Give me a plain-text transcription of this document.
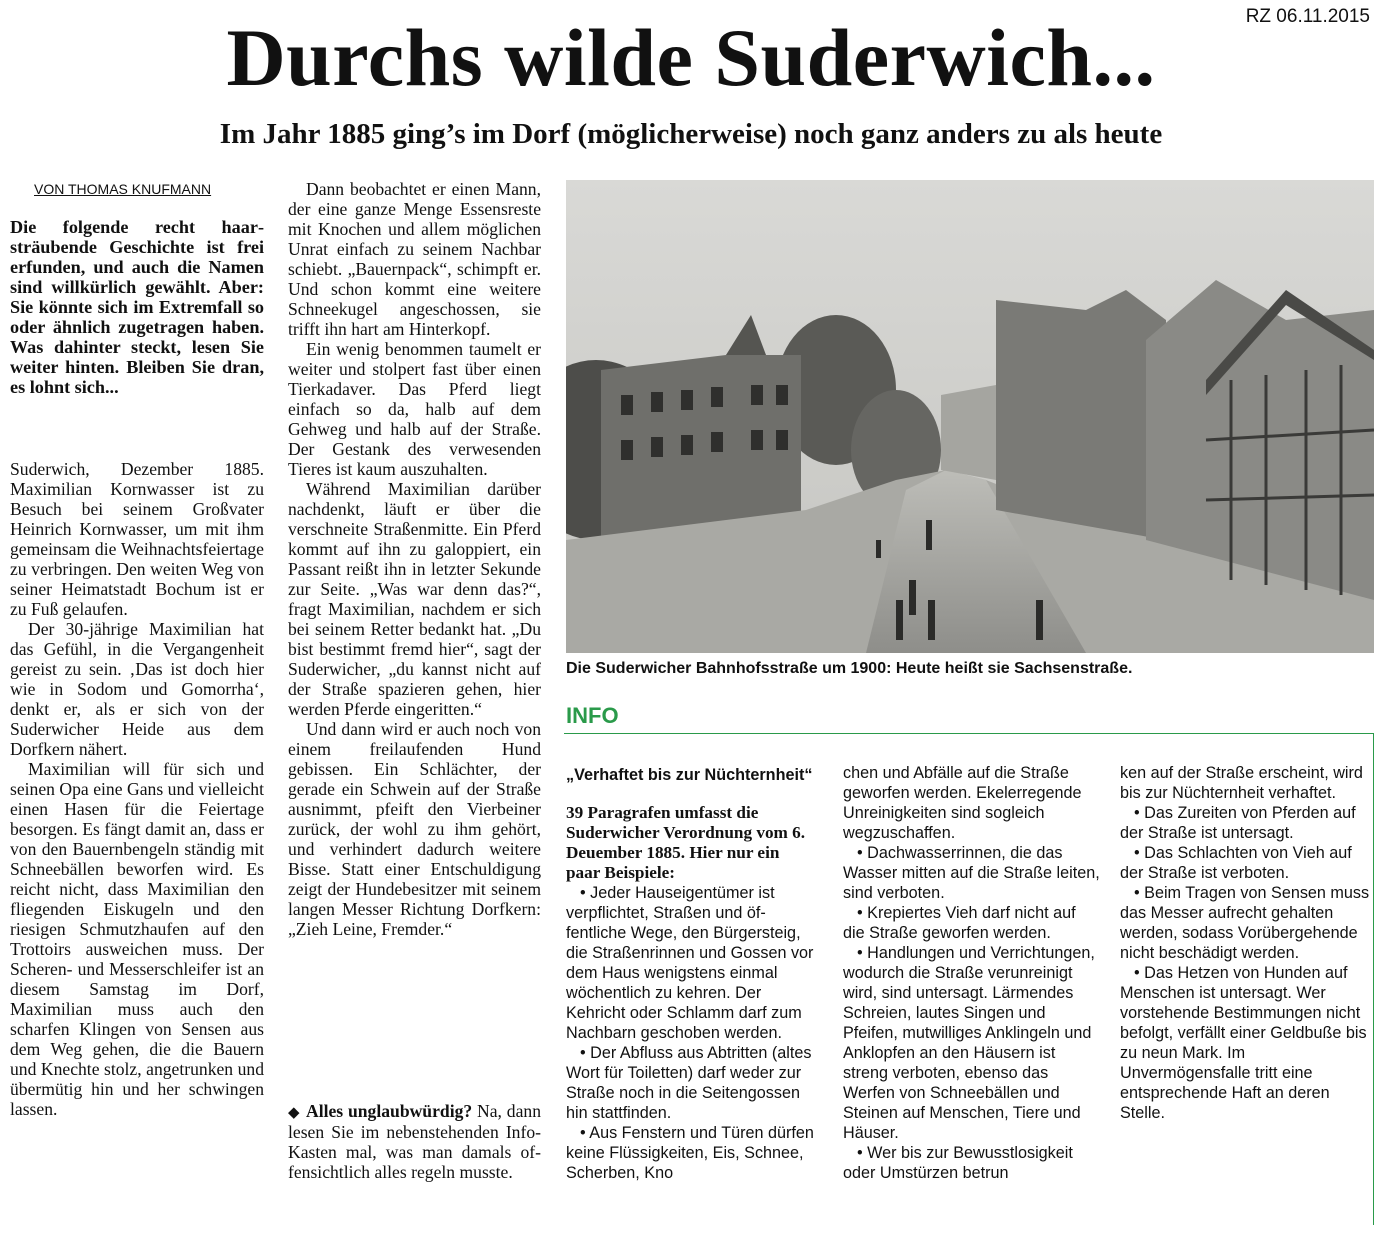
RZ 06.11.2015
Durchs wilde Suderwich...
Im Jahr 1885 ging’s im Dorf (möglicherweise) noch ganz anders zu als heute
VON THOMAS KNUFMANN
Die folgende recht haarsträubende Geschichte ist frei erfunden, und auch die Namen sind willkürlich gewählt. Aber: Sie könnte sich im Extremfall so oder ähnlich zugetragen haben. Was dahinter steckt, lesen Sie weiter hinten. Bleiben Sie dran, es lohnt sich...

Suderwich, Dezember 1885. Maximilian Kornwasser ist zu Besuch bei seinem Großvater Heinrich Kornwasser, um mit ihm gemeinsam die Weihnachtsfeiertage zu verbringen. Den weiten Weg von seiner Heimatstadt Bochum ist er zu Fuß gelaufen.

Der 30-jährige Maximilian hat das Gefühl, in die Vergangenheit gereist zu sein. ‚Das ist doch hier wie in Sodom und Gomorrha‘, denkt er, als er sich von der Suderwicher Heide aus dem Dorfkern nähert.

Maximilian will für sich und seinen Opa eine Gans und vielleicht einen Hasen für die Feiertage besorgen. Es fängt damit an, dass er von den Bauernbengeln ständig mit Schneebällen beworfen wird. Es reicht nicht, dass Maximilian den fliegenden Eiskugeln und den riesigen Schmutzhaufen auf den Trottoirs ausweichen muss. Der Scheren- und Messerschleifer ist an diesem Samstag im Dorf, Maximilian muss auch den scharfen Klingen von Sensen aus dem Weg gehen, die die Bauern und Knechte stolz, angetrunken und übermütig hin und her schwingen lassen.

Dann beobachtet er einen Mann, der eine ganze Menge Essensreste mit Knochen und allem möglichen Unrat einfach zu seinem Nachbar schiebt. „Bauernpack“, schimpft er. Und schon kommt eine weitere Schneekugel angeschossen, sie trifft ihn hart am Hinterkopf.

Ein wenig benommen taumelt er weiter und stolpert fast über einen Tierkadaver. Das Pferd liegt einfach so da, halb auf dem Gehweg und halb auf der Straße. Der Gestank des verwesenden Tieres ist kaum auszuhalten.

Während Maximilian darüber nachdenkt, läuft er über die verschneite Straßenmitte. Ein Pferd kommt auf ihn zu galoppiert, ein Passant reißt ihn in letzter Sekunde zur Seite. „Was war denn das?“, fragt Maximilian, nachdem er sich bei seinem Retter bedankt hat. „Du bist bestimmt fremd hier“, sagt der Suderwicher, „du kannst nicht auf der Straße spazieren gehen, hier werden Pferde eingeritten.“

Und dann wird er auch noch von einem freilaufenden Hund gebissen. Ein Schlächter, der gerade ein Schwein auf der Straße ausnimmt, pfeift den Vierbeiner zurück, der wohl zu ihm gehört, und verhindert dadurch weitere Bisse. Statt einer Entschuldigung zeigt der Hundebesitzer mit seinem langen Messer Richtung Dorfkern: „Zieh Leine, Fremder.“

◆ Alles unglaubwürdig? Na, dann lesen Sie im nebenstehenden Info-Kasten mal, was man damals offensichtlich alles regeln musste.

Die Suderwicher Bahnhofsstraße um 1900: Heute heißt sie Sachsenstraße.
INFO

„Verhaftet bis zur Nüchternheit“

39 Paragrafen umfasst die Suderwicher Verordnung vom 6. Deuember 1885. Hier nur ein paar Beispiele:

• Jeder Hauseigentümer ist verpflichtet, Straßen und öffentliche Wege, den Bürgersteig, die Straßenrinnen und Gossen vor dem Haus wenigstens einmal wöchentlich zu kehren. Der Kehricht oder Schlamm darf zum Nachbarn geschoben werden.

• Der Abfluss aus Abtritten (altes Wort für Toiletten) darf weder zur Straße noch in die Seitengossen hin stattfinden.

• Aus Fenstern und Türen dürfen keine Flüssigkeiten, Eis, Schnee, Scherben, Kno

chen und Abfälle auf die Straße geworfen werden. Ekelerregende Unreinigkeiten sind sogleich wegzuschaffen.

• Dachwasserrinnen, die das Wasser mitten auf die Straße leiten, sind verboten.

• Krepiertes Vieh darf nicht auf die Straße geworfen werden.

• Handlungen und Verrichtungen, wodurch die Straße verunreinigt wird, sind untersagt. Lärmendes Schreien, lautes Singen und Pfeifen, mutwilliges Anklingeln und Anklopfen an den Häusern ist streng verboten, ebenso das Werfen von Schneebällen und Steinen auf Menschen, Tiere und Häuser.

• Wer bis zur Bewusstlosigkeit oder Umstürzen betrun

ken auf der Straße erscheint, wird bis zur Nüchternheit verhaftet.

• Das Zureiten von Pferden auf der Straße ist untersagt.

• Das Schlachten von Vieh auf der Straße ist verboten.

• Beim Tragen von Sensen muss das Messer aufrecht gehalten werden, sodass Vorübergehende nicht beschädigt werden.

• Das Hetzen von Hunden auf Menschen ist untersagt. Wer vorstehende Bestimmungen nicht befolgt, verfällt einer Geldbuße bis zu neun Mark. Im Unvermögensfalle tritt eine entsprechende Haft an deren Stelle.
